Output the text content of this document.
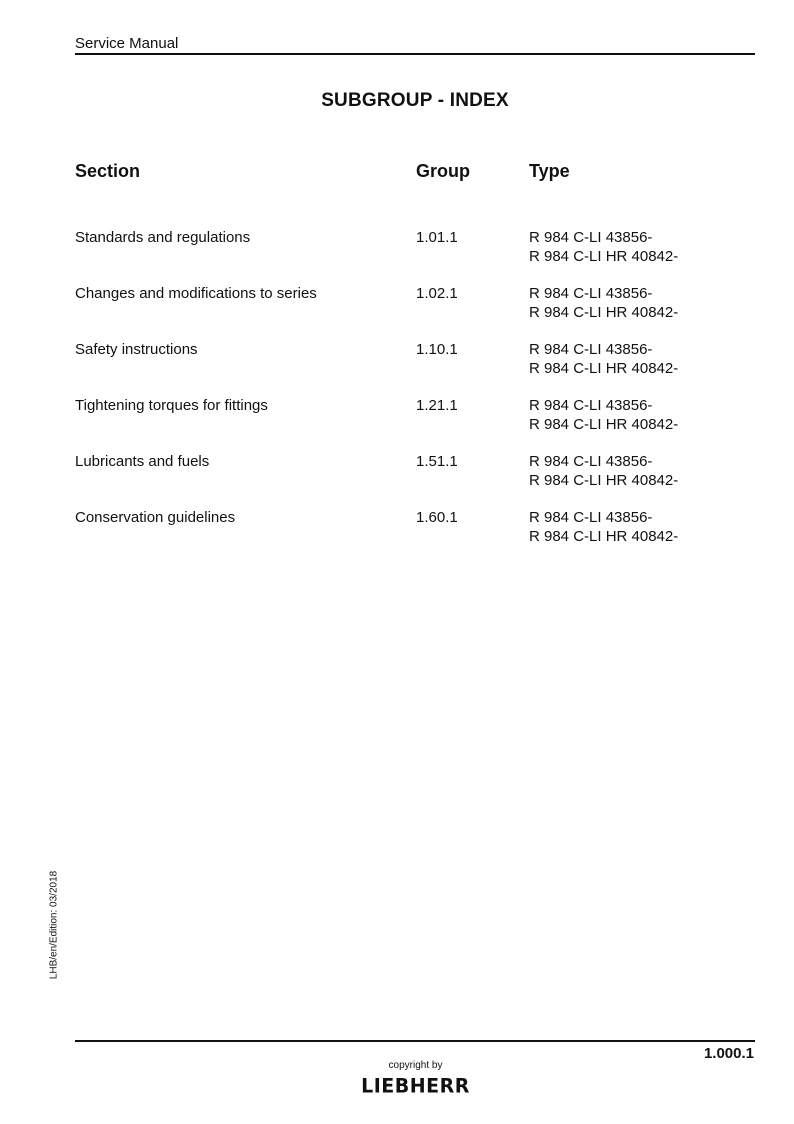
Service Manual
SUBGROUP - INDEX
Section	Group	Type
Standards and regulations	1.01.1	R 984 C-LI 43856-
R 984 C-LI HR 40842-
Changes and modifications to series	1.02.1	R 984 C-LI 43856-
R 984 C-LI HR 40842-
Safety instructions	1.10.1	R 984 C-LI 43856-
R 984 C-LI HR 40842-
Tightening torques for fittings	1.21.1	R 984 C-LI 43856-
R 984 C-LI HR 40842-
Lubricants and fuels	1.51.1	R 984 C-LI 43856-
R 984 C-LI HR 40842-
Conservation guidelines	1.60.1	R 984 C-LI 43856-
R 984 C-LI HR 40842-
LHB/en/Edition: 03/2018
1.000.1
copyright by
LIEBHERR
